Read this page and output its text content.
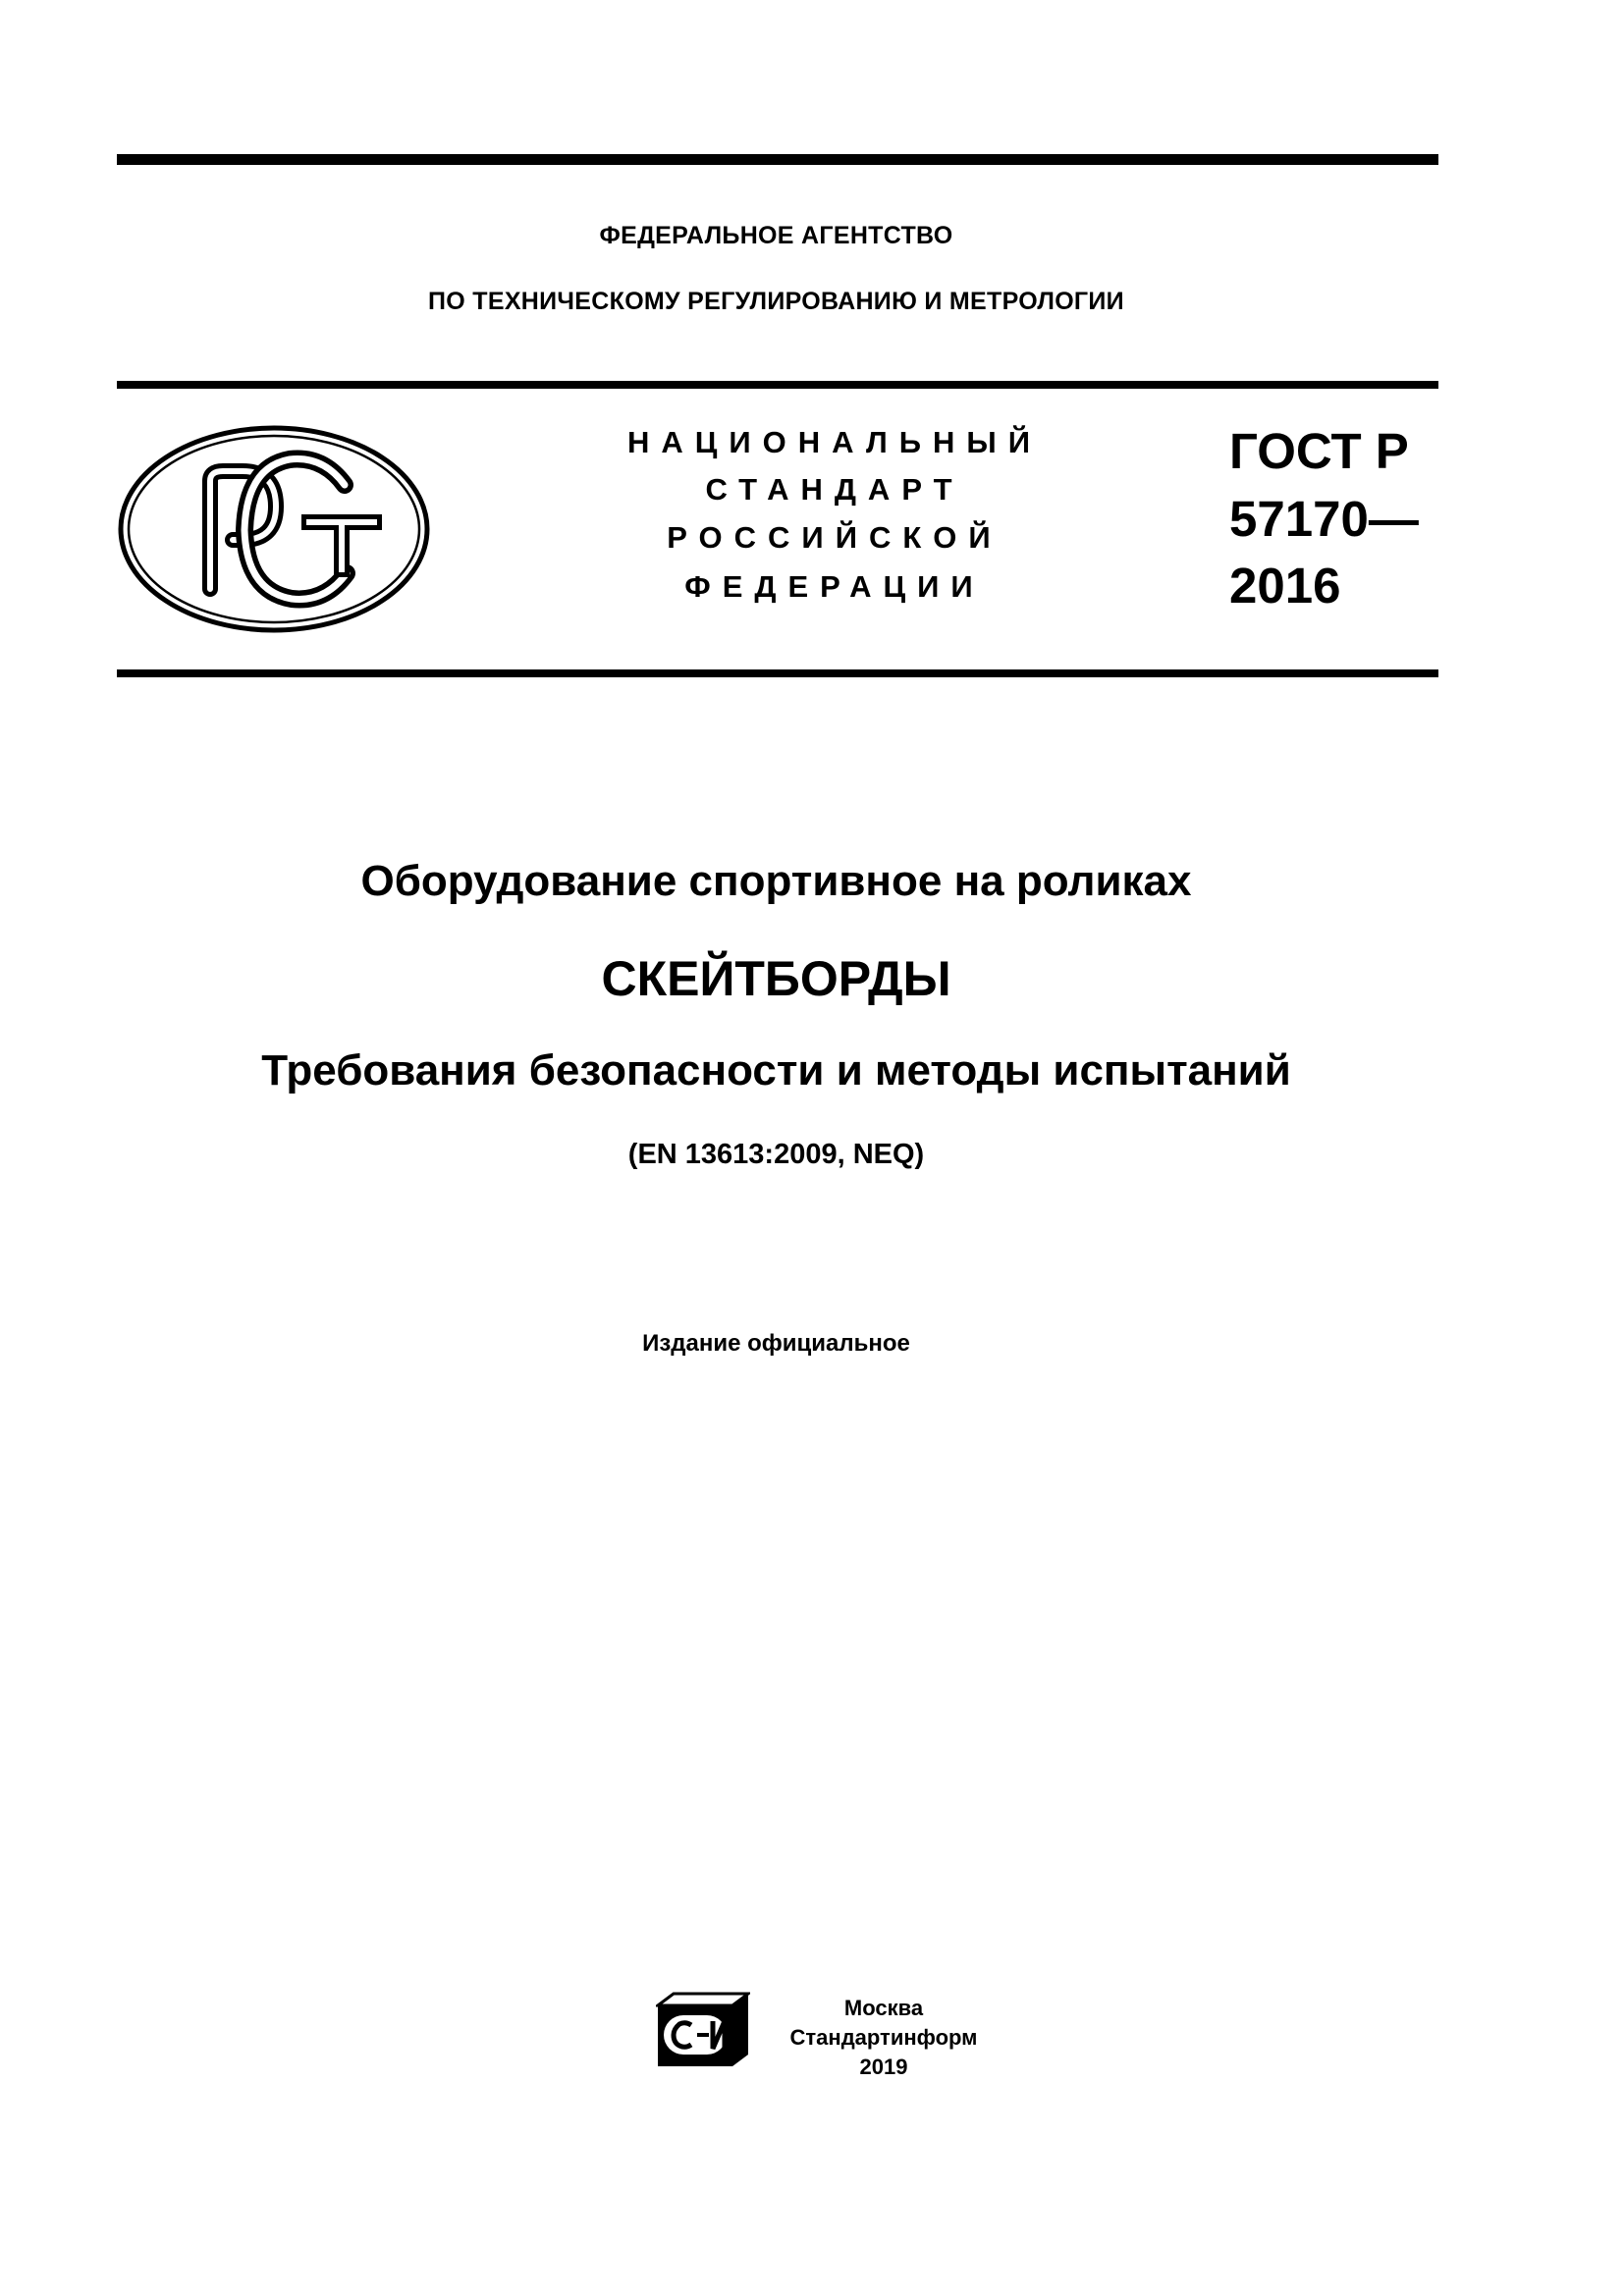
ФЕДЕРАЛЬНОЕ АГЕНТСТВО
ПО ТЕХНИЧЕСКОМУ РЕГУЛИРОВАНИЮ И МЕТРОЛОГИИ
НАЦИОНАЛЬНЫЙ
СТАНДАРТ
РОССИЙСКОЙ
ФЕДЕРАЦИИ
ГОСТ Р
57170—
2016
Оборудование спортивное на роликах
СКЕЙТБОРДЫ
Требования безопасности и методы испытаний
(EN 13613:2009, NEQ)
Издание официальное
Москва
Стандартинформ
2019
